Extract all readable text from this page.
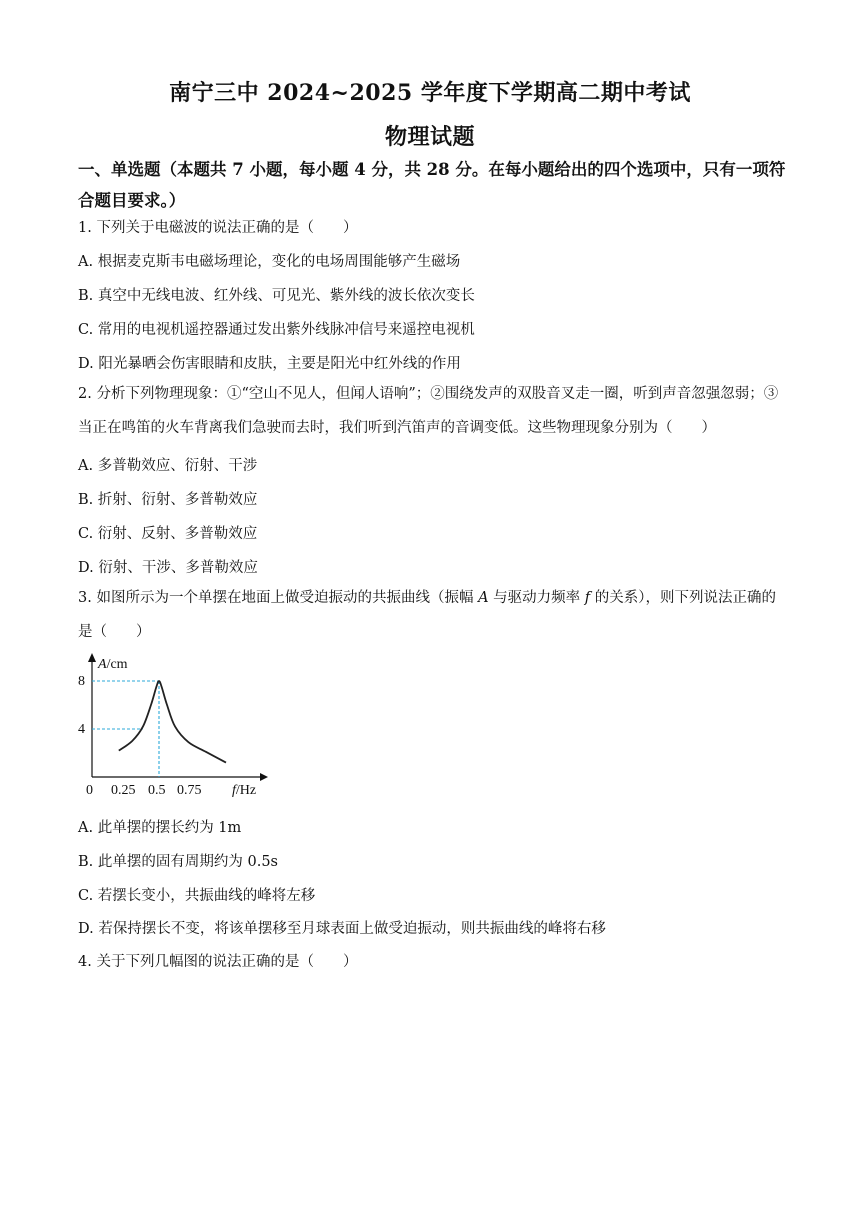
南宁三中 2024~2025 学年度下学期高二期中考试
物理试题
一、单选题（本题共 7 小题，每小题 4 分，共 28 分。在每小题给出的四个选项中，只有一项符合题目要求。）
1. 下列关于电磁波的说法正确的是（　　）
A. 根据麦克斯韦电磁场理论，变化的电场周围能够产生磁场
B. 真空中无线电波、红外线、可见光、紫外线的波长依次变长
C. 常用的电视机遥控器通过发出紫外线脉冲信号来遥控电视机
D. 阳光暴晒会伤害眼睛和皮肤，主要是阳光中红外线的作用
2. 分析下列物理现象：①“空山不见人，但闻人语响”；②围绕发声的双股音叉走一圈，听到声音忽强忽弱；③当正在鸣笛的火车背离我们急驶而去时，我们听到汽笛声的音调变低。这些物理现象分别为（　　）
A. 多普勒效应、衍射、干涉
B. 折射、衍射、多普勒效应
C. 衍射、反射、多普勒效应
D. 衍射、干涉、多普勒效应
3. 如图所示为一个单摆在地面上做受迫振动的共振曲线（振幅 A 与驱动力频率 f 的关系），则下列说法正确的是（　　）
A/cm
f/Hz
8
4
0 0.25 0.5 0.75
A. 此单摆的摆长约为 1m
B. 此单摆的固有周期约为 0.5s
C. 若摆长变小，共振曲线的峰将左移
D. 若保持摆长不变，将该单摆移至月球表面上做受迫振动，则共振曲线的峰将右移
4. 关于下列几幅图的说法正确的是（　　）
